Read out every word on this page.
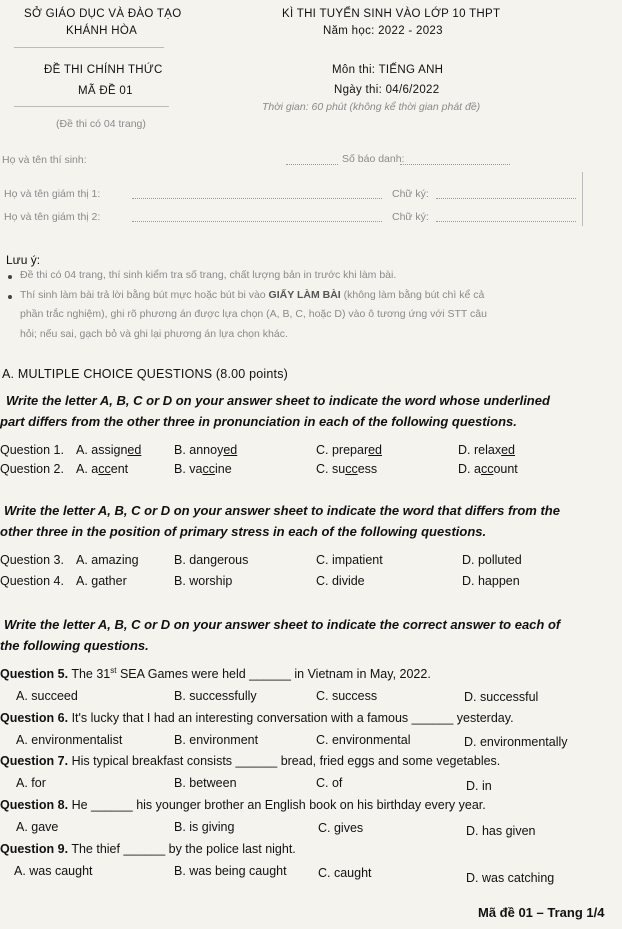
SỞ GIÁO DỤC VÀ ĐÀO TẠO
KHÁNH HÒA
KÌ THI TUYỂN SINH VÀO LỚP 10 THPT
Năm học: 2022 - 2023
ĐỀ THI CHÍNH THỨC
MÃ ĐỀ 01
(Đề thi có 04 trang)
Môn thi: TIẾNG ANH
Ngày thi: 04/6/2022
Thời gian: 60 phút (không kể thời gian phát đề)
Họ và tên thí sinh:	Số báo danh:
Họ và tên giám thị 1:	Chữ ký:
Họ và tên giám thị 2:	Chữ ký:
Lưu ý:
Đề thi có 04 trang, thí sinh kiểm tra số trang, chất lượng bản in trước khi làm bài.
Thí sinh làm bài trả lời bằng bút mực hoặc bút bi vào GIẤY LÀM BÀI (không làm bằng bút chì kể cả
phần trắc nghiệm), ghi rõ phương án được lựa chọn (A, B, C, hoặc D) vào ô tương ứng với STT câu
hỏi; nếu sai, gạch bỏ và ghi lại phương án lựa chọn khác.
A. MULTIPLE CHOICE QUESTIONS (8.00 points)
Write the letter A, B, C or D on your answer sheet to indicate the word whose underlined
part differs from the other three in pronunciation in each of the following questions.
Question 1. A. assigned	B. annoyed	C. prepared	D. relaxed
Question 2. A. accent	B. vaccine	C. success	D. account
Write the letter A, B, C or D on your answer sheet to indicate the word that differs from the
other three in the position of primary stress in each of the following questions.
Question 3. A. amazing	B. dangerous	C. impatient	D. polluted
Question 4. A. gather	B. worship	C. divide	D. happen
Write the letter A, B, C or D on your answer sheet to indicate the correct answer to each of
the following questions.
Question 5. The 31st SEA Games were held ______ in Vietnam in May, 2022.
A. succeed	B. successfully	C. success	D. successful
Question 6. It's lucky that I had an interesting conversation with a famous ______ yesterday.
A. environmentalist	B. environment	C. environmental	D. environmentally
Question 7. His typical breakfast consists ______ bread, fried eggs and some vegetables.
A. for	B. between	C. of	D. in
Question 8. He ______ his younger brother an English book on his birthday every year.
A. gave	B. is giving	C. gives	D. has given
Question 9. The thief ______ by the police last night.
A. was caught	B. was being caught	C. caught	D. was catching
Mã đề 01 – Trang 1/4
